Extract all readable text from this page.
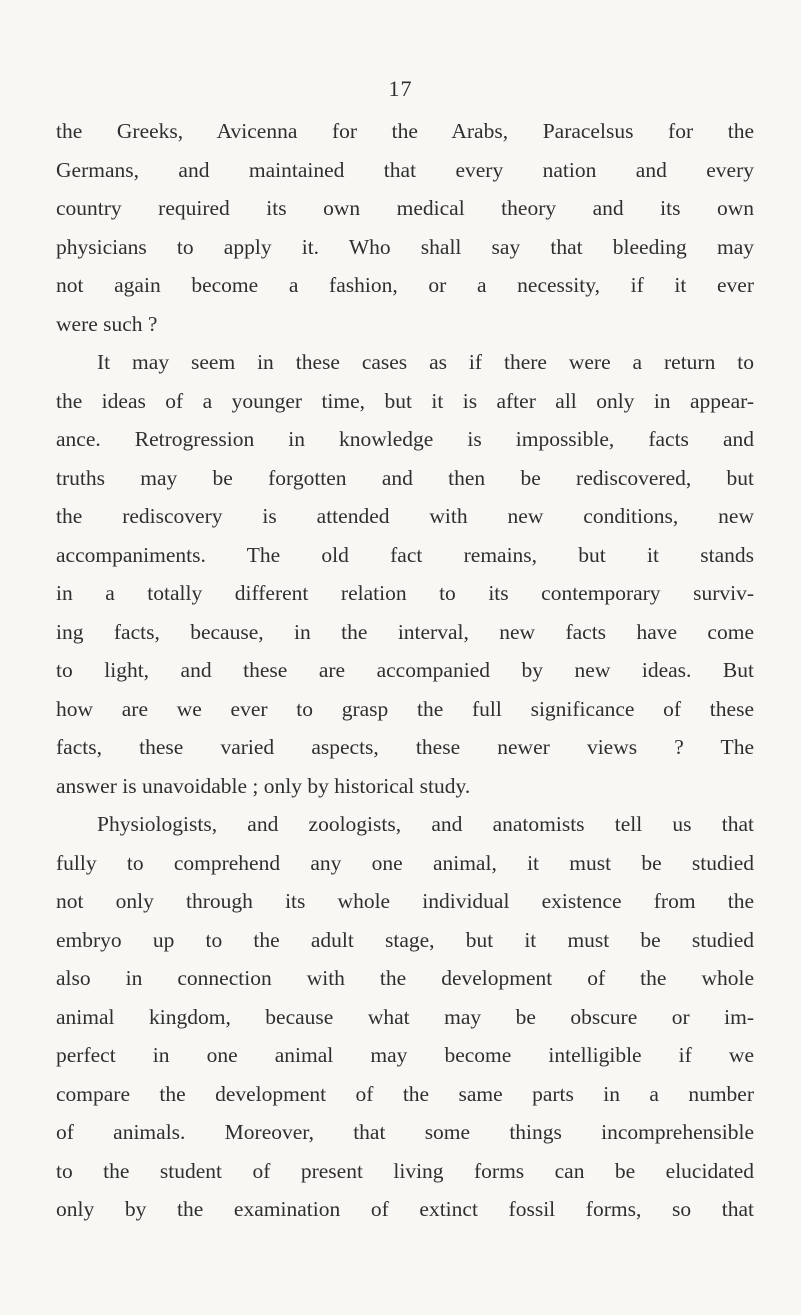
17
the Greeks, Avicenna for the Arabs, Paracelsus for the
Germans, and maintained that every nation and every
country required its own medical theory and its own
physicians to apply it. Who shall say that bleeding may
not again become a fashion, or a necessity, if it ever
were such ?
It may seem in these cases as if there were a return to
the ideas of a younger time, but it is after all only in appear-
ance. Retrogression in knowledge is impossible, facts and
truths may be forgotten and then be rediscovered, but
the rediscovery is attended with new conditions, new
accompaniments. The old fact remains, but it stands
in a totally different relation to its contemporary surviv-
ing facts, because, in the interval, new facts have come
to light, and these are accompanied by new ideas. But
how are we ever to grasp the full significance of these
facts, these varied aspects, these newer views ? The
answer is unavoidable ; only by historical study.
Physiologists, and zoologists, and anatomists tell us that
fully to comprehend any one animal, it must be studied
not only through its whole individual existence from the
embryo up to the adult stage, but it must be studied
also in connection with the development of the whole
animal kingdom, because what may be obscure or im-
perfect in one animal may become intelligible if we
compare the development of the same parts in a number
of animals. Moreover, that some things incomprehensible
to the student of present living forms can be elucidated
only by the examination of extinct fossil forms, so that
